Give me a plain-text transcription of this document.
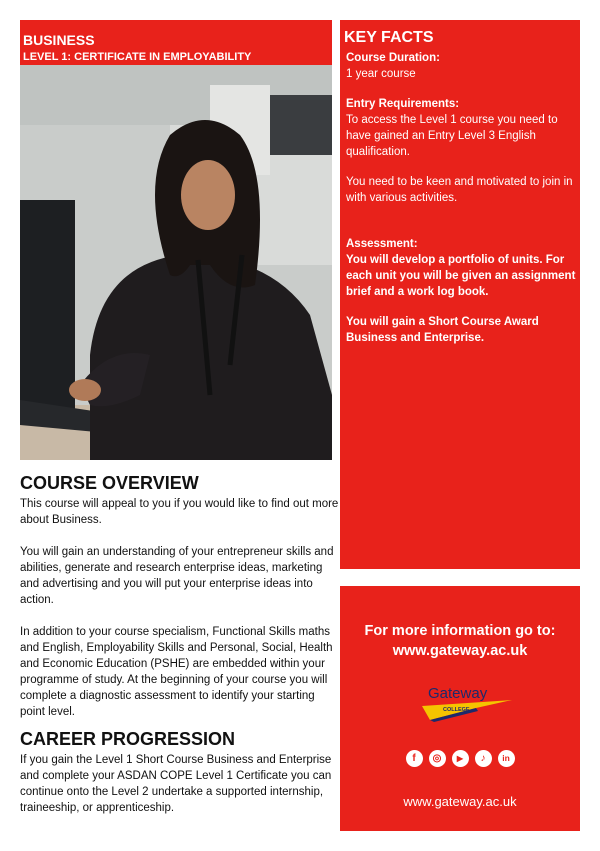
BUSINESS
LEVEL 1: CERTIFICATE IN EMPLOYABILITY
KEY FACTS
Course Duration:
1 year course
Entry Requirements:
To access the Level 1 course you need to have gained an Entry Level 3 English qualification.
You need to be keen and motivated to join in with various activities.
Assessment:
You will develop a portfolio of units. For each unit you will be given an assignment brief and a work log book.
You will gain a Short Course Award Business and Enterprise.
COURSE OVERVIEW

This course will appeal to you if you would like to find out more about Business.

You will gain an understanding of your entrepreneur skills and abilities, generate and research enterprise ideas, marketing and advertising and you will put your enterprise ideas into action.

In addition to your course specialism, Functional Skills maths and English, Employability Skills and Personal, Social, Health and Economic Education (PSHE) are embedded within your programme of study. At the beginning of your course you will complete a diagnostic assessment to identify your starting point level.

CAREER PROGRESSION

If you gain the Level 1 Short Course Business and Enterprise and complete your ASDAN COPE Level 1 Certificate you can continue onto the Level 2 undertake a supported internship, traineeship, or apprenticeship.

For more information go to:
www.gateway.ac.uk
Gateway
COLLEGE
f	◎	▶	♪	in
www.gateway.ac.uk
